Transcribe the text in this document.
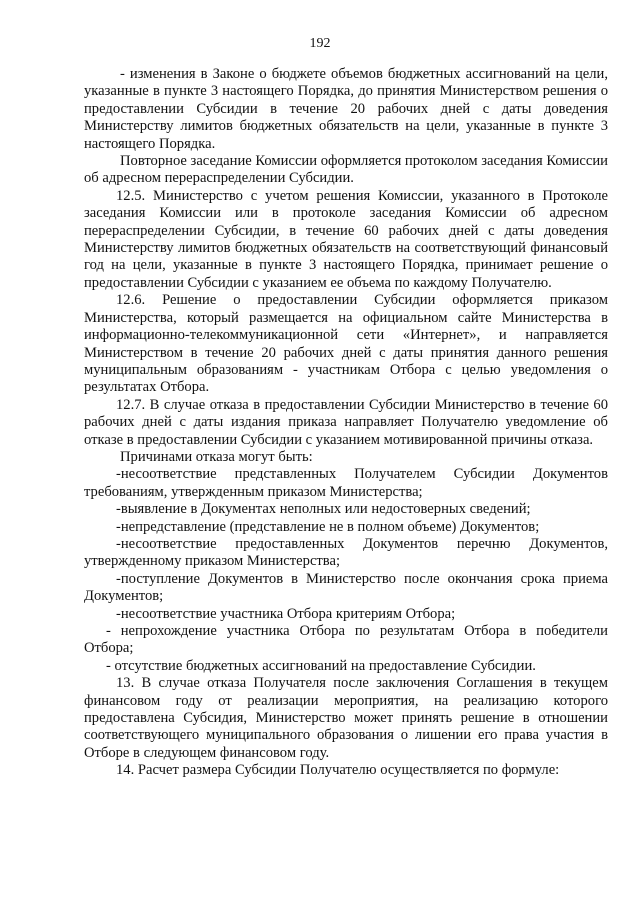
192

- изменения в Законе о бюджете объемов бюджетных ассигнований на цели, указанные в пункте 3 настоящего Порядка, до принятия Министерством решения о предоставлении Субсидии в течение 20 рабочих дней с даты доведения Министерству лимитов бюджетных обязательств на цели, указанные в пункте 3 настоящего Порядка.

Повторное заседание Комиссии оформляется протоколом заседания Комиссии об адресном перераспределении Субсидии.

12.5. Министерство с учетом решения Комиссии, указанного в Протоколе заседания Комиссии или в протоколе заседания Комиссии об адресном перераспределении Субсидии, в течение 60 рабочих дней с даты доведения Министерству лимитов бюджетных обязательств на соответствующий финансовый год на цели, указанные в пункте 3 настоящего Порядка, принимает решение о предоставлении Субсидии с указанием ее объема по каждому Получателю.

12.6. Решение о предоставлении Субсидии оформляется приказом Министерства, который размещается на официальном сайте Министерства в информационно-телекоммуникационной сети «Интернет», и направляется Министерством в течение 20 рабочих дней с даты принятия данного решения муниципальным образованиям - участникам Отбора с целью уведомления о результатах Отбора.

12.7. В случае отказа в предоставлении Субсидии Министерство в течение 60 рабочих дней с даты издания приказа направляет Получателю уведомление об отказе в предоставлении Субсидии с указанием мотивированной причины отказа.

Причинами отказа могут быть:

-несоответствие представленных Получателем Субсидии Документов требованиям, утвержденным приказом Министерства;

-выявление в Документах неполных или недостоверных сведений;

-непредставление (представление не в полном объеме) Документов;

-несоответствие предоставленных Документов перечню Документов, утвержденному приказом Министерства;

-поступление Документов в Министерство после окончания срока приема Документов;

-несоответствие участника Отбора критериям Отбора;

- непрохождение участника Отбора по результатам Отбора в победители Отбора;

- отсутствие бюджетных ассигнований на предоставление Субсидии.

13. В случае отказа Получателя после заключения Соглашения в текущем финансовом году от реализации мероприятия, на реализацию которого предоставлена Субсидия, Министерство может принять решение в отношении соответствующего муниципального образования о лишении его права участия в Отборе в следующем финансовом году.

14. Расчет размера Субсидии Получателю осуществляется по формуле:
